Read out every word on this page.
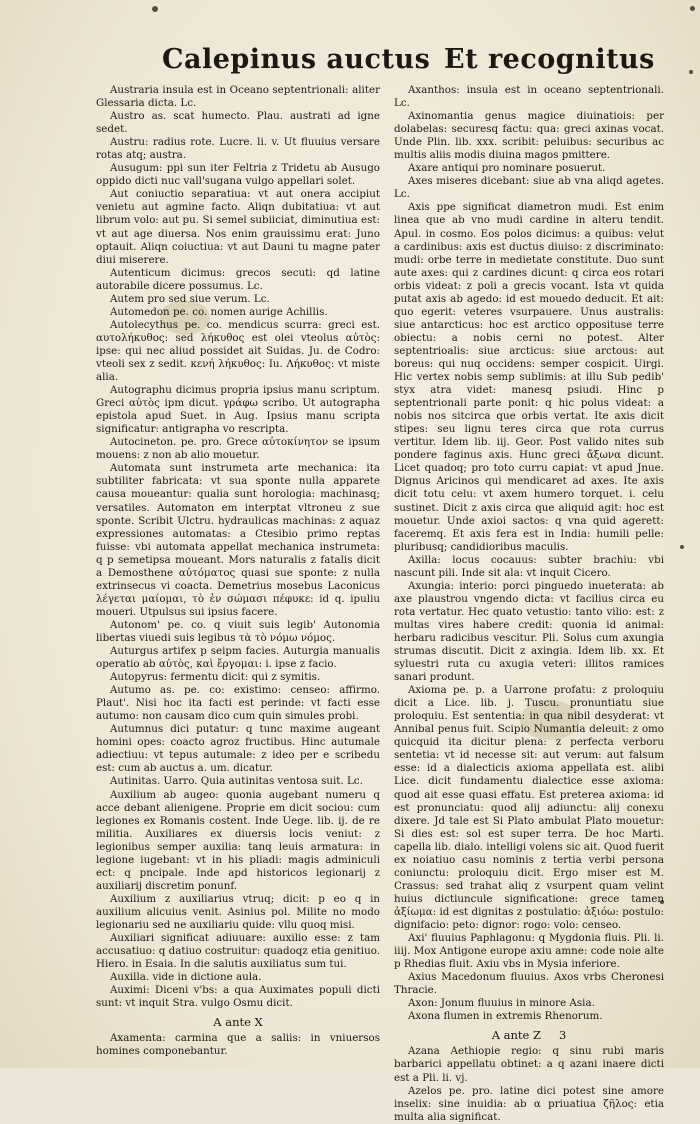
Calepinus auctus Et recognitus

Austraria insula est in Oceano septentrionali: aliter Glessaria dicta. Lc.

Austro as. scat humecto. Plau. austrati ad igne sedet.

Austru: radius rote. Lucre. li. v. Ut fluuius versare rotas atq; austra.

Ausugum: ppi sun iter Feltria z Tridetu ab Ausugo oppido dicti nuc vall'sugana vulgo appellari solet.

Aut coniuctio separatiua: vt aut onera accipiut venietu aut agmine facto. Aliqn dubitatiua: vt aut librum volo: aut pu. Si semel subiiciat, diminutiua est: vt aut age diuersa. Nos enim grauissimu erat: Juno optauit. Aliqn coiuctiua: vt aut Dauni tu magne pater diui miserere.

Autenticum dicimus: grecos secuti: qd latine autorabile dicere possumus. Lc.

Autem pro sed siue verum. Lc.

Automedon pe. co. nomen aurige Achillis.

Autolecythus pe. co. mendicus scurra: greci est. αυτολήκυθος: sed λήκυθος est olei vteolus αὐτὸς: ipse: qui nec aliud possidet ait Suidas. Ju. de Codro: vteoli sex z sedit. κενή λήκυθος: Iu. Λήκυθος: vt miste alia.

Autographu dicimus propria ipsius manu scriptum. Greci αὐτὸς ipm dicut. γράφω scribo. Ut autographa epistola apud Suet. in Aug. Ipsius manu scripta significatur: antigrapha vo rescripta.

Autocineton. pe. pro. Grece αὐτοκίνητον se ipsum mouens: z non ab alio mouetur.

Automata sunt instrumeta arte mechanica: ita subtiliter fabricata: vt sua sponte nulla apparete causa moueantur: qualia sunt horologia: machinasq; versatiles. Automaton em interptat vltroneu z sue sponte. Scribit Ulctru. hydraulicas machinas: z aquaz expressiones automatas: a Ctesibio primo reptas fuisse: vbi automata appellat mechanica instrumeta: q p semetipsa moueant. Mors naturalis z fatalis dicit a Demosthene αὐτόματος quasi sue sponte: z nulla extrinsecus vi coacta. Demetrius mosebus Laconicus λέγεται μαίομαι, τὸ ἐν σώμασι πέφυκε: id q. ipuliu moueri. Utpulsus sui ipsius facere.

Autonom' pe. co. q viuit suis legib' Autonomia libertas viuedi suis legibus τὰ τὸ νόμω νόμος.

Auturgus artifex p seipm facies. Auturgia manualis operatio ab αὐτὸς, καὶ ἔργομαι: i. ipse z facio.

Autopyrus: fermentu dicit: qui z symitis.

Autumo as. pe. co: existimo: censeo: affirmo. Plaut'. Nisi hoc ita facti est perinde: vt facti esse autumo: non causam dico cum quin simules probi.

Autumnus dici putatur: q tunc maxime augeant homini opes: coacto agroz fructibus. Hinc autumale adiectiuu: vt tepus autumale: z ideo per e scribedu est: cum ab auctus a. um. dicatur.

Autinitas. Uarro. Quia autinitas ventosa suit. Lc.

Auxilium ab augeo: quonia augebant numeru q acce debant alienigene. Proprie em dicit sociou: cum legiones ex Romanis costent. Inde Uege. lib. ij. de re militia. Auxiliares ex diuersis locis veniut: z legionibus semper auxilia: tanq leuis armatura: in legione iugebant: vt in his pliadi: magis adminiculi ect: q pncipale. Inde apd historicos legionarij z auxiliarij discretim ponunf.

Auxilium z auxiliarius vtruq; dicit: p eo q in auxilium alicuius venit. Asinius pol. Milite no modo legionariu sed ne auxiliariu quide: vllu quoq misi.

Auxiliari significat adiuuare: auxilio esse: z tam accusatiuo: q datiuo costruitur: quadoqz etia genitiuo. Hiero. in Esaia. In die salutis auxiliatus sum tui.

Auxilla. vide in dictione aula.

Auximi: Diceni v'bs: a qua Auximates populi dicti sunt: vt inquit Stra. vulgo Osmu dicit.

A ante X

Axamenta: carmina que a saliis: in vniuersos homines componebantur.

Axanthos: insula est in oceano septentrionali. Lc.

Axinomantia genus magice diuinatiois: per dolabelas: securesq factu: qua: greci axinas vocat. Unde Plin. lib. xxx. scribit: peluibus: securibus ac multis aliis modis diuina magos pmittere.

Axare antiqui pro nominare posuerut.

Axes miseres dicebant: siue ab vna aliqd agetes. Lc.

Axis ppe significat diametron mudi. Est enim linea que ab vno mudi cardine in alteru tendit. Apul. in cosmo. Eos polos dicimus: a quibus: velut a cardinibus: axis est ductus diuiso: z discriminato: mudi: orbe terre in medietate constitute. Duo sunt aute axes: qui z cardines dicunt: q circa eos rotari orbis videat: z poli a grecis vocant. Ista vt quida putat axis ab agedo: id est mouedo deducit. Et ait: quo egerit: veteres vsurpauere. Unus australis: siue antarcticus: hoc est arctico opposituse terre obiectu: a nobis cerni no potest. Alter septentrioalis: siue arcticus: siue arctous: aut boreus: qui nuq occidens: semper cospicit. Uirgi. Hic vertex nobis semp sublimis: at illu Sub pedib' styx atra videt: manesq psiudi. Hinc p septentrionali parte ponit: q hic polus videat: a nobis nos sitcirca que orbis vertat. Ite axis dicit stipes: seu lignu teres circa que rota currus vertitur. Idem lib. iij. Geor. Post valido nites sub pondere faginus axis. Hunc greci ἄξωνα dicunt. Licet quadoq; pro toto curru capiat: vt apud Jnue. Dignus Aricinos qui mendicaret ad axes. Ite axis dicit totu celu: vt axem humero torquet. i. celu sustinet. Dicit z axis circa que aliquid agit: hoc est mouetur. Unde axioi sactos: q vna quid agerett: faceremq. Et axis fera est in India: humili pelle: pluribusq; candidioribus maculis.

Axilla: locus cocauus: subter brachiu: vbi nascunt pili. Inde sit ala: vt inquit Cicero.

Axungia: interio: porci pinguedo inueterata: ab axe plaustrou vngendo dicta: vt facilius circa eu rota vertatur. Hec quato vetustio: tanto vilio: est: z multas vires habere credit: quonia id animal: herbaru radicibus vescitur. Pli. Solus cum axungia strumas discutit. Dicit z axingia. Idem lib. xx. Et syluestri ruta cu axugia veteri: illitos ramices sanari produnt.

Axioma pe. p. a Uarrone profatu: z proloquiu dicit a Lice. lib. j. Tuscu. pronuntiatu siue proloquiu. Est sententia: in qua nibil desyderat: vt Annibal penus fuit. Scipio Numantia deleuit: z omo quicquid ita dicitur plena: z perfecta verboru sentetia: vt id necesse sit: aut verum: aut falsum esse: id a dialecticis axioma appellata est. alibi Lice. dicit fundamentu dialectice esse axioma: quod ait esse quasi effatu. Est preterea axioma: id est pronunciatu: quod alij adiunctu: alij conexu dixere. Jd tale est Si Plato ambulat Plato mouetur: Si dies est: sol est super terra. De hoc Marti. capella lib. dialo. intelligi volens sic ait. Quod fuerit ex noiatiuo casu nominis z tertia verbi persona coniunctu: proloquiu dicit. Ergo miser est M. Crassus: sed trahat aliq z vsurpent quam velint huius dictiuncule significatione: grece tamen ἀξίωμα: id est dignitas z postulatio: ἀξιόω: postulo: dignifacio: peto: dignor: rogo: volo: censeo.

Axi' fluuius Paphlagonu: q Mygdonia fluis. Pli. li. iiij. Mox Antigone europe axiu amne: code noie alte p Rhedias fluit. Axiu vbs in Mysia inferiore.

Axius Macedonum fluuius. Axos vrbs Cheronesi Thracie.

Axon: Jonum fluuius in minore Asia.

Axona flumen in extremis Rhenorum.

A ante Z 3

Azana Aethiopie regio: q sinu rubi maris barbarici appellatu obtinet: a q azani inaere dicti est a Pli. li. vj.

Azelos pe. pro. latine dici potest sine amore inselix: sine inuidia: ab α priuatiua ζῆλος: etia multa alia significat.
